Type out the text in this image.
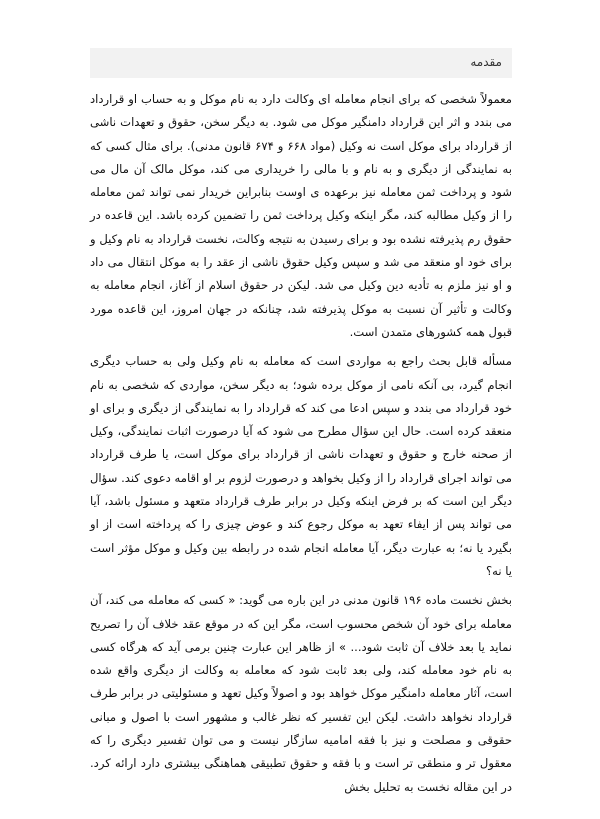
مقدمه

معمولاً شخصی که برای انجام معامله ای وکالت دارد به نام موکل و به حساب او قرارداد می بندد و اثر این قرارداد دامنگیر موکل می شود. به دیگر سخن، حقوق و تعهدات ناشی از قرارداد برای موکل است نه وکیل (مواد ۶۶۸ و ۶۷۴ قانون مدنی). برای مثال کسی که به نمایندگی از دیگری و به نام و با مالی را خریداری می کند، موکل مالک آن مال می شود و پرداخت ثمن معامله نیز برعهده ی اوست بنابراین خریدار نمی تواند ثمن معامله را از وکیل مطالبه کند، مگر اینکه وکیل پرداخت ثمن را تضمین کرده باشد. این قاعده در حقوق رم پذیرفته نشده بود و برای رسیدن به نتیجه وکالت، نخست قرارداد به نام وکیل و برای خود او منعقد می شد و سپس وکیل حقوق ناشی از عقد را به موکل انتقال می داد و او نیز ملزم به تأدیه دین وکیل می شد. لیکن در حقوق اسلام از آغاز، انجام معامله به وکالت و تأثیر آن نسبت به موکل پذیرفته شد، چنانکه در جهان امروز، این قاعده مورد قبول همه کشورهای متمدن است.

مسأله قابل بحث راجع به مواردی است که معامله به نام وکیل ولی به حساب دیگری انجام گیرد، بی آنکه نامی از موکل برده شود؛ به دیگر سخن، مواردی که شخصی به نام خود قرارداد می بندد و سپس ادعا می کند که قرارداد را به نمایندگی از دیگری و برای او منعقد کرده است. حال این سؤال مطرح می شود که آیا درصورت اثبات نمایندگی، وکیل از صحنه خارج و حقوق و تعهدات ناشی از قرارداد برای موکل است، یا طرف قرارداد می تواند اجرای قرارداد را از وکیل بخواهد و درصورت لزوم بر او اقامه دعوی کند. سؤال دیگر این است که بر فرض اینکه وکیل در برابر طرف قرارداد متعهد و مسئول باشد، آیا می تواند پس از ایفاء تعهد به موکل رجوع کند و عوض چیزی را که پرداخته است از او بگیرد یا نه؛ به عبارت دیگر، آیا معامله انجام شده در رابطه بین وکیل و موکل مؤثر است یا نه؟

بخش نخست ماده ۱۹۶ قانون مدنی در این باره می گوید: « کسی که معامله می کند، آن معامله برای خود آن شخص محسوب است، مگر این که در موقع عقد خلاف آن را تصریح نماید یا بعد خلاف آن ثابت شود... » از ظاهر این عبارت چنین برمی آید که هرگاه کسی به نام خود معامله کند، ولی بعد ثابت شود که معامله به وکالت از دیگری واقع شده است، آثار معامله دامنگیر موکل خواهد بود و اصولاً وکیل تعهد و مسئولیتی در برابر طرف قرارداد نخواهد داشت. لیکن این تفسیر که نظر غالب و مشهور است با اصول و مبانی حقوقی و مصلحت و نیز با فقه امامیه سازگار نیست و می توان تفسیر دیگری را که معقول تر و منطقی تر است و با فقه و حقوق تطبیقی هماهنگی بیشتری دارد ارائه کرد. در این مقاله نخست به تحلیل بخش
